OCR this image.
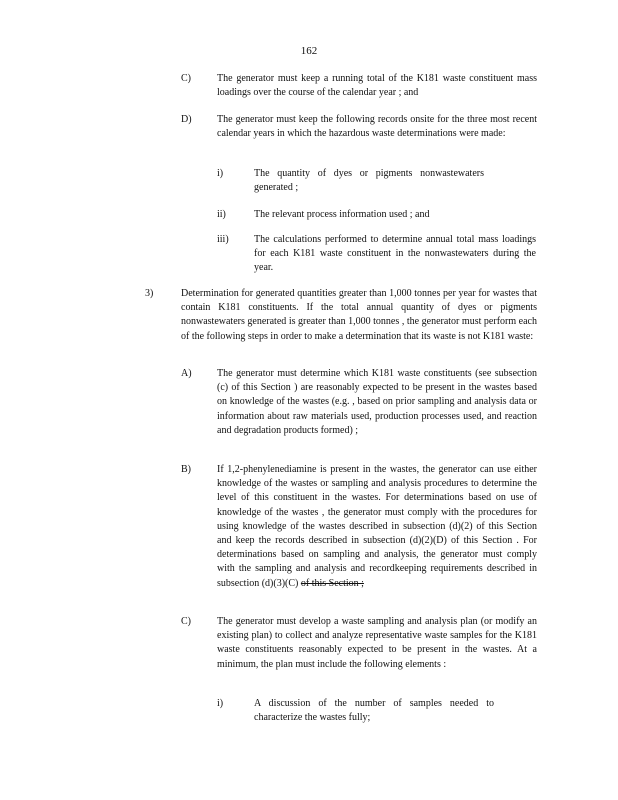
162
C)	The generator must keep a running total of the K181 waste constituent mass loadings over the course of the calendar year ; and
D)	The generator must keep the following records onsite for the three most recent calendar years in which the hazardous waste determinations were made:
i)	The quantity of dyes or pigments nonwastewaters generated ;
ii)	The relevant process information used ; and
iii)	The calculations performed to determine annual total mass loadings for each K181 waste constituent in the nonwastewaters during the year.
3)	Determination for generated quantities greater than 1,000 tonnes per year for wastes that contain K181 constituents. If the total annual quantity of dyes or pigments nonwastewaters generated is greater than 1,000 tonnes , the generator must perform each of the following steps in order to make a determination that its waste is not K181 waste:
A)	The generator must determine which K181 waste constituents (see subsection (c) of this Section ) are reasonably expected to be present in the wastes based on knowledge of the wastes (e.g. , based on prior sampling and analysis data or information about raw materials used, production processes used, and reaction and degradation products formed) ;
B)	If 1,2-phenylenediamine is present in the wastes, the generator can use either knowledge of the wastes or sampling and analysis procedures to determine the level of this constituent in the wastes. For determinations based on use of knowledge of the wastes , the generator must comply with the procedures for using knowledge of the wastes described in subsection (d)(2) of this Section and keep the records described in subsection (d)(2)(D) of this Section . For determinations based on sampling and analysis, the generator must comply with the sampling and analysis and recordkeeping requirements described in subsection (d)(3)(C) of this Section ;
C)	The generator must develop a waste sampling and analysis plan (or modify an existing plan) to collect and analyze representative waste samples for the K181 waste constituents reasonably expected to be present in the wastes. At a minimum, the plan must include the following elements :
i)	A discussion of the number of samples needed to characterize the wastes fully;
